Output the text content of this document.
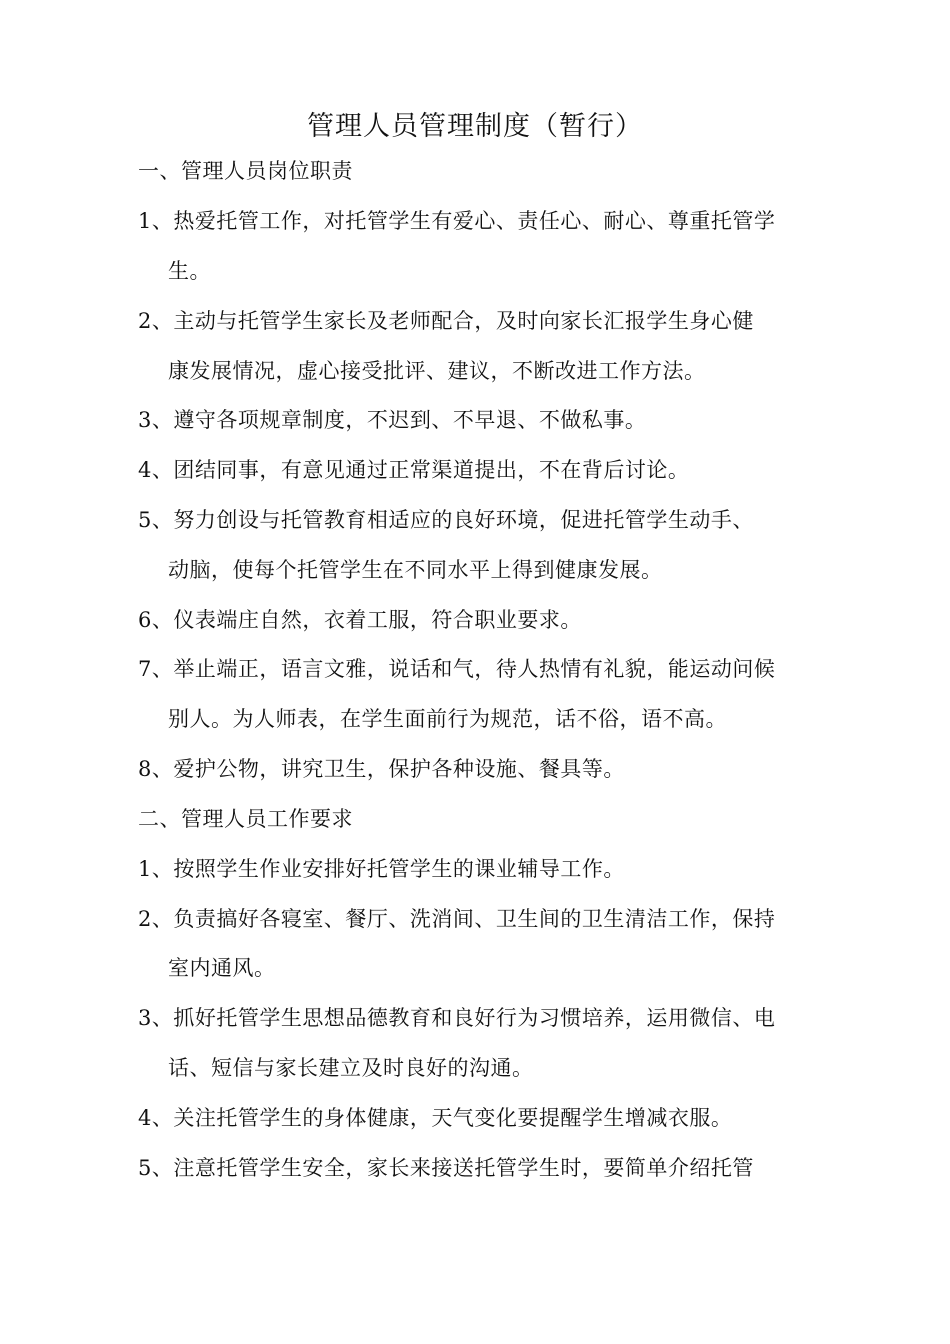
管理人员管理制度（暂行）
一、管理人员岗位职责
1、热爱托管工作，对托管学生有爱心、责任心、耐心、尊重托管学
生。
2、主动与托管学生家长及老师配合，及时向家长汇报学生身心健
康发展情况，虚心接受批评、建议，不断改进工作方法。
3、遵守各项规章制度，不迟到、不早退、不做私事。
4、团结同事，有意见通过正常渠道提出，不在背后讨论。
5、努力创设与托管教育相适应的良好环境，促进托管学生动手、
动脑，使每个托管学生在不同水平上得到健康发展。
6、仪表端庄自然，衣着工服，符合职业要求。
7、举止端正，语言文雅，说话和气，待人热情有礼貌，能运动问候
别人。为人师表，在学生面前行为规范，话不俗，语不高。
8、爱护公物，讲究卫生，保护各种设施、餐具等。
二、管理人员工作要求
1、按照学生作业安排好托管学生的课业辅导工作。
2、负责搞好各寝室、餐厅、洗消间、卫生间的卫生清洁工作，保持
室内通风。
3、抓好托管学生思想品德教育和良好行为习惯培养，运用微信、电
话、短信与家长建立及时良好的沟通。
4、关注托管学生的身体健康，天气变化要提醒学生增减衣服。
5、注意托管学生安全，家长来接送托管学生时，要简单介绍托管
